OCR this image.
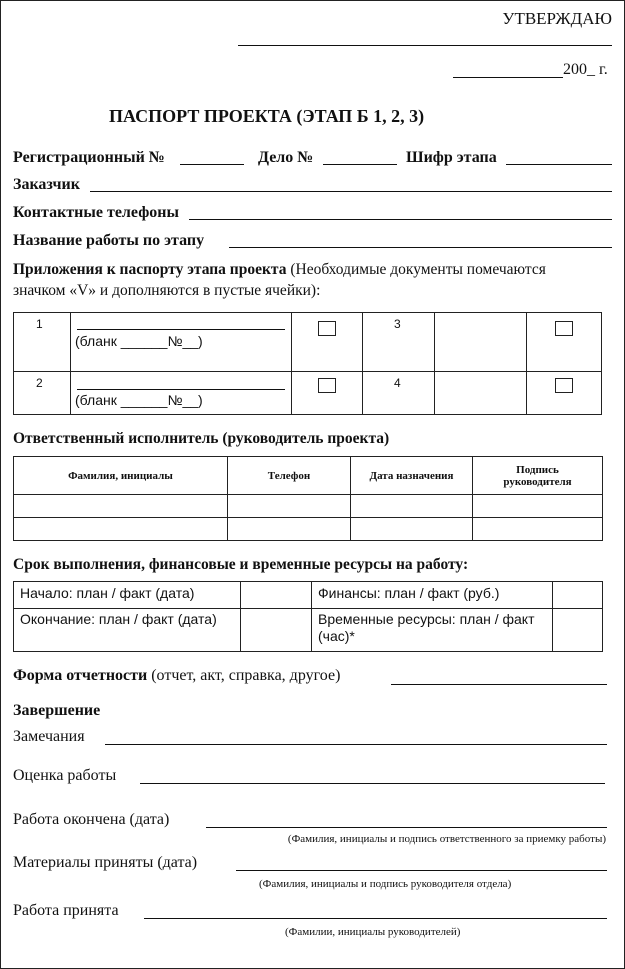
УТВЕРЖДАЮ
200_ г.
ПАСПОРТ ПРОЕКТА (ЭТАП Б 1, 2, 3)
Регистрационный №	Дело №	Шифр этапа
Заказчик
Контактные телефоны
Название работы по этапу
Приложения к паспорту этапа проекта (Необходимые документы помечаются
значком «V» и дополняются в пустые ячейки):
1	(бланк ______№__)		3		

2	(бланк ______№__)		4		

Ответственный исполнитель (руководитель проекта)
Фамилия, инициалы	Телефон	Дата назначения	Подпись руководителя

Срок выполнения, финансовые и временные ресурсы на работу:
Начало: план / факт (дата)		Финансы: план / факт (руб.)	
Окончание: план / факт (дата)		Временные ресурсы: план / факт (час)*	
Форма отчетности (отчет, акт, справка, другое)
Завершение
Замечания
Оценка работы
Работа окончена (дата)
(Фамилия, инициалы и подпись ответственного за приемку работы)
Материалы приняты (дата)
(Фамилия, инициалы и подпись руководителя отдела)
Работа принята
(Фамилии, инициалы руководителей)
